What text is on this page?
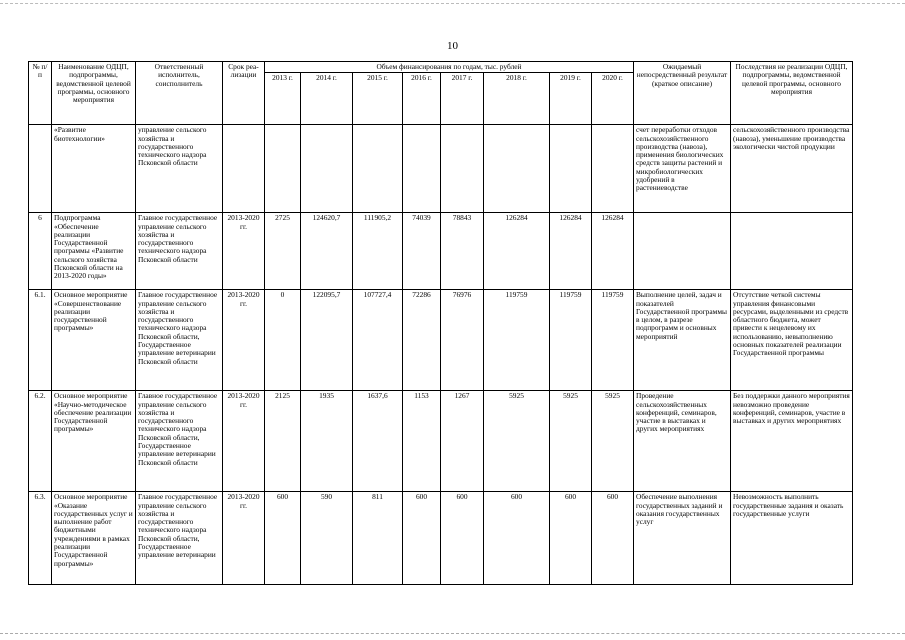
10
№ п/п	Наименование ОДЦП, подпрограммы, ведомственной целевой программы, основного мероприятия	Ответственный исполнитель, соисполнитель	Срок реа-лизации	Объем финансирования по годам, тыс. рублей								Ожидаемый непосредственный результат (краткое описание)	Последствия не реализации ОДЦП, подпрограммы, ведомственной целевой программы, основного мероприятия
				2013 г.	2014 г.	2015 г.	2016 г.	2017 г.	2018 г.	2019 г.	2020 г.		
	«Развитие биотехнологии»	управление сельского хозяйства и государственного технического надзора Псковской области										счет переработки отходов сельскохозяйственного производства (навоза), применения биологических средств защиты растений и микробиологических удобрений в растениеводстве	сельскохозяйственного производства (навоза), уменьшение производства экологически чистой продукции
6	Подпрограмма «Обеспечение реализации Государственной программы «Развитие сельского хозяйства Псковской области на 2013-2020 годы»	Главное государственное управление сельского хозяйства и государственного технического надзора Псковской области	2013-2020 гг.	2725	124620,7	111905,2	74039	78843	126284	126284	126284		
6.1.	Основное мероприятие «Совершенствование реализации государственной программы»	Главное государственное управление сельского хозяйства и государственного технического надзора Псковской области, Государственное управление ветеринарии Псковской области	2013-2020 гг.	0	122095,7	107727,4	72286	76976	119759	119759	119759	Выполнение целей, задач и показателей Государственной программы в целом, в разрезе подпрограмм и основных мероприятий	Отсутствие четкой системы управления финансовыми ресурсами, выделенными из средств областного бюджета, может привести к нецелевому их использованию, невыполнению основных показателей реализации Государственной программы
6.2.	Основное мероприятие «Научно-методическое обеспечение реализации Государственной программы»	Главное государственное управление сельского хозяйства и государственного технического надзора Псковской области, Государственное управление ветеринарии Псковской области	2013-2020 гг.	2125	1935	1637,6	1153	1267	5925	5925	5925	Проведение сельскохозяйственных конференций, семинаров, участие в выставках и других мероприятиях	Без поддержки данного мероприятия невозможно проведение конференций, семинаров, участие в выставках и других мероприятиях
6.3.	Основное мероприятие «Оказание государственных услуг и выполнение работ бюджетными учреждениями в рамках реализации Государственной программы»	Главное государственное управление сельского хозяйства и государственного технического надзора Псковской области, Государственное управление ветеринарии	2013-2020 гг.	600	590	811	600	600	600	600	600	Обеспечение выполнения государственных заданий и оказания государственных услуг	Невозможность выполнить государственные задания и оказать государственные услуги
